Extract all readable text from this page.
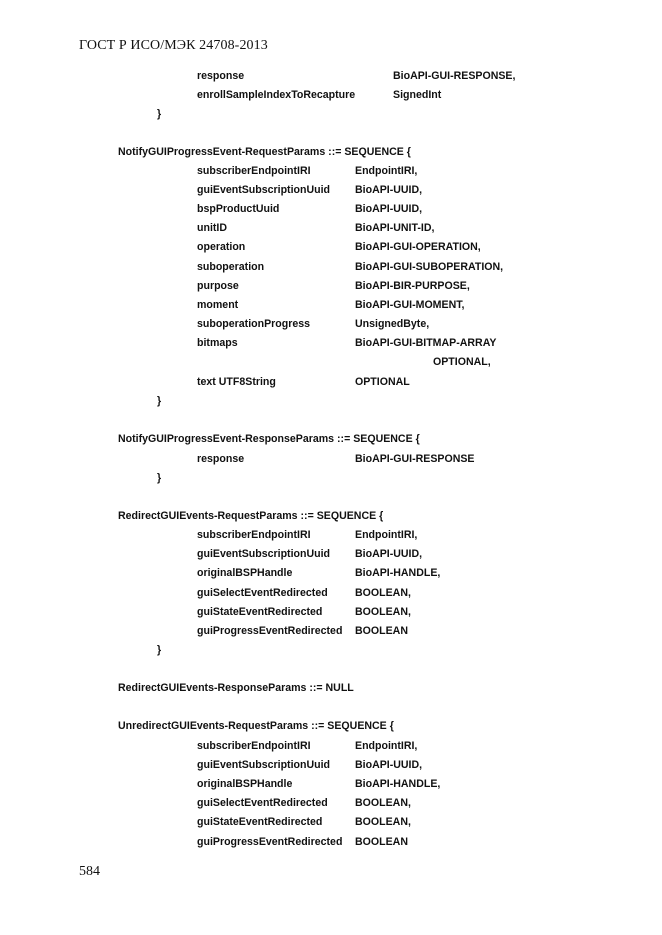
ГОСТ Р ИСО/МЭК 24708-2013
response	BioAPI-GUI-RESPONSE,
enrollSampleIndexToRecapture	SignedInt
}
NotifyGUIProgressEvent-RequestParams ::= SEQUENCE {
subscriberEndpointIRI	EndpointIRI,
guiEventSubscriptionUuid BioAPI-UUID,
bspProductUuid	BioAPI-UUID,
unitID	BioAPI-UNIT-ID,
operation	BioAPI-GUI-OPERATION,
suboperation	BioAPI-GUI-SUBOPERATION,
purpose	BioAPI-BIR-PURPOSE,
moment	BioAPI-GUI-MOMENT,
suboperationProgress	UnsignedByte,
bitmaps	BioAPI-GUI-BITMAP-ARRAY
OPTIONAL,
text UTF8String	OPTIONAL
}
NotifyGUIProgressEvent-ResponseParams ::= SEQUENCE {
response	BioAPI-GUI-RESPONSE
}
RedirectGUIEvents-RequestParams ::= SEQUENCE {
subscriberEndpointIRI	EndpointIRI,
guiEventSubscriptionUuid BioAPI-UUID,
originalBSPHandle	BioAPI-HANDLE,
guiSelectEventRedirected	BOOLEAN,
guiStateEventRedirected	BOOLEAN,
guiProgressEventRedirected BOOLEAN
}
RedirectGUIEvents-ResponseParams ::= NULL
UnredirectGUIEvents-RequestParams ::= SEQUENCE {
subscriberEndpointIRI	EndpointIRI,
guiEventSubscriptionUuid BioAPI-UUID,
originalBSPHandle	BioAPI-HANDLE,
guiSelectEventRedirected	BOOLEAN,
guiStateEventRedirected	BOOLEAN,
guiProgressEventRedirected BOOLEAN
584
